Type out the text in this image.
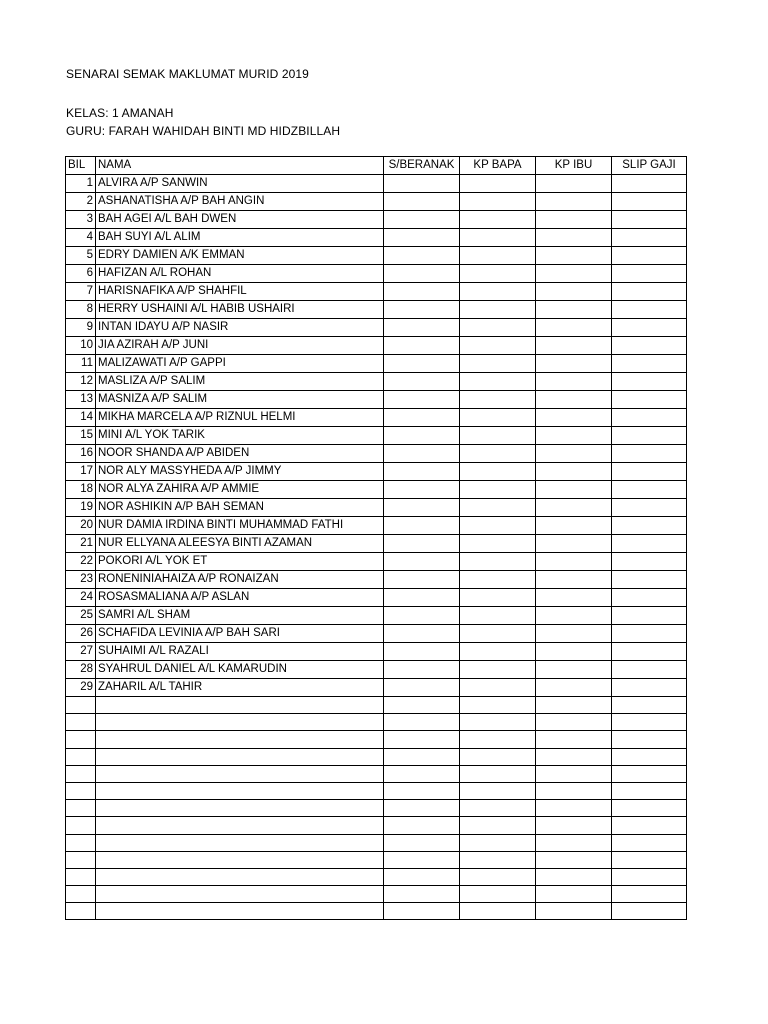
SENARAI SEMAK MAKLUMAT MURID 2019
KELAS: 1 AMANAH
GURU: FARAH WAHIDAH BINTI MD HIDZBILLAH
BIL	NAMA	S/BERANAK	KP BAPA	KP IBU	SLIP GAJI
1	ALVIRA A/P SANWIN				
2	ASHANATISHA A/P BAH ANGIN				
3	BAH AGEI A/L BAH DWEN				
4	BAH SUYI A/L ALIM				
5	EDRY DAMIEN A/K EMMAN				
6	HAFIZAN A/L ROHAN				
7	HARISNAFIKA A/P SHAHFIL				
8	HERRY USHAINI A/L HABIB USHAIRI				
9	INTAN IDAYU A/P NASIR				
10	JIA AZIRAH A/P JUNI				
11	MALIZAWATI A/P GAPPI				
12	MASLIZA A/P SALIM				
13	MASNIZA A/P SALIM				
14	MIKHA MARCELA A/P RIZNUL HELMI				
15	MINI A/L YOK TARIK				
16	NOOR SHANDA A/P ABIDEN				
17	NOR ALY MASSYHEDA A/P JIMMY				
18	NOR ALYA ZAHIRA A/P AMMIE				
19	NOR ASHIKIN A/P BAH SEMAN				
20	NUR DAMIA IRDINA BINTI MUHAMMAD FATHI				
21	NUR ELLYANA ALEESYA BINTI AZAMAN				
22	POKORI A/L YOK ET				
23	RONENINIAHAIZA A/P RONAIZAN				
24	ROSASMALIANA A/P ASLAN				
25	SAMRI A/L SHAM				
26	SCHAFIDA LEVINIA A/P BAH SARI				
27	SUHAIMI A/L RAZALI				
28	SYAHRUL DANIEL A/L KAMARUDIN				
29	ZAHARIL A/L TAHIR				
